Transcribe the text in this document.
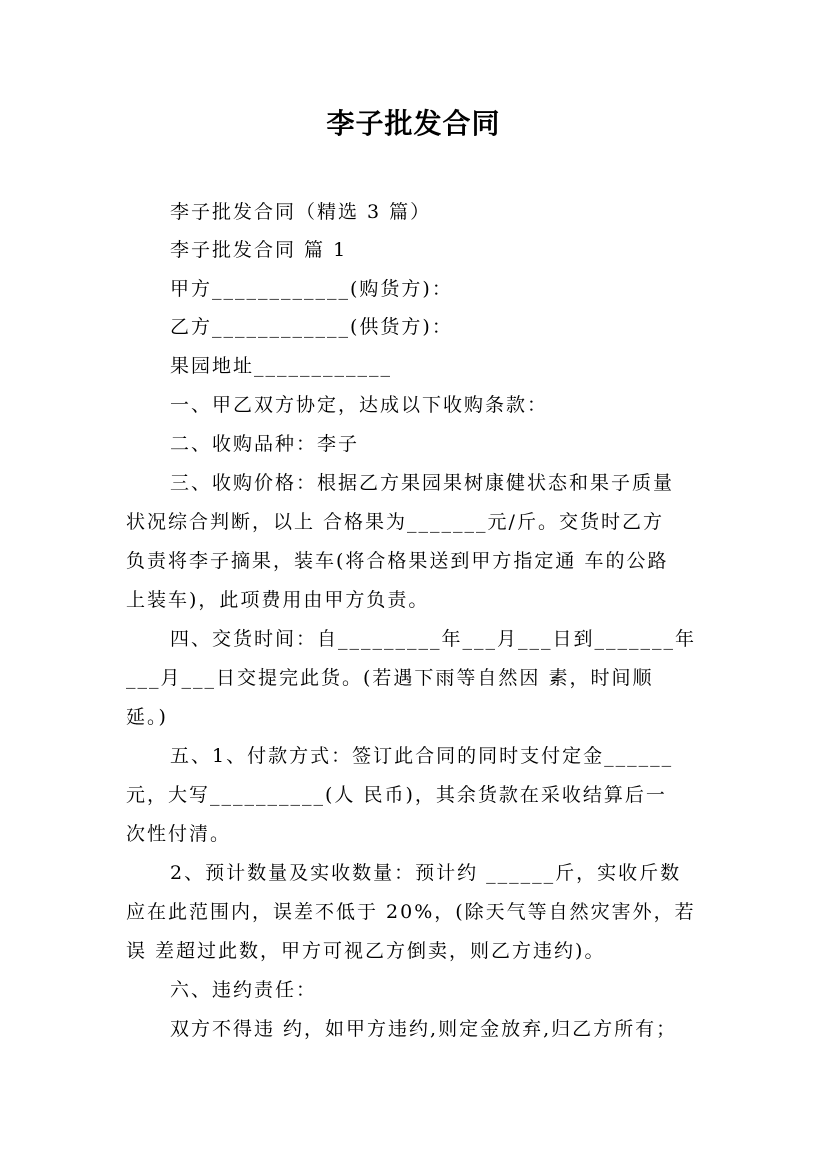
李子批发合同
李子批发合同（精选 3 篇）
李子批发合同 篇 1
甲方____________(购货方)：
乙方____________(供货方)：
果园地址____________
一、甲乙双方协定，达成以下收购条款：
二、收购品种：李子
三、收购价格：根据乙方果园果树康健状态和果子质量
状况综合判断，以上 合格果为_______元/斤。交货时乙方
负责将李子摘果，装车(将合格果送到甲方指定通 车的公路
上装车)，此项费用由甲方负责。
四、交货时间：自_________年___月___日到_______年
___月___日交提完此货。(若遇下雨等自然因 素，时间顺
延。)
五、1、付款方式：签订此合同的同时支付定金______
元，大写__________(人 民币)，其余货款在采收结算后一
次性付清。
2、预计数量及实收数量：预计约 ______斤，实收斤数
应在此范围内，误差不低于 20%，(除天气等自然灾害外，若
误 差超过此数，甲方可视乙方倒卖，则乙方违约)。
六、违约责任：
双方不得违 约，如甲方违约,则定金放弃,归乙方所有；
